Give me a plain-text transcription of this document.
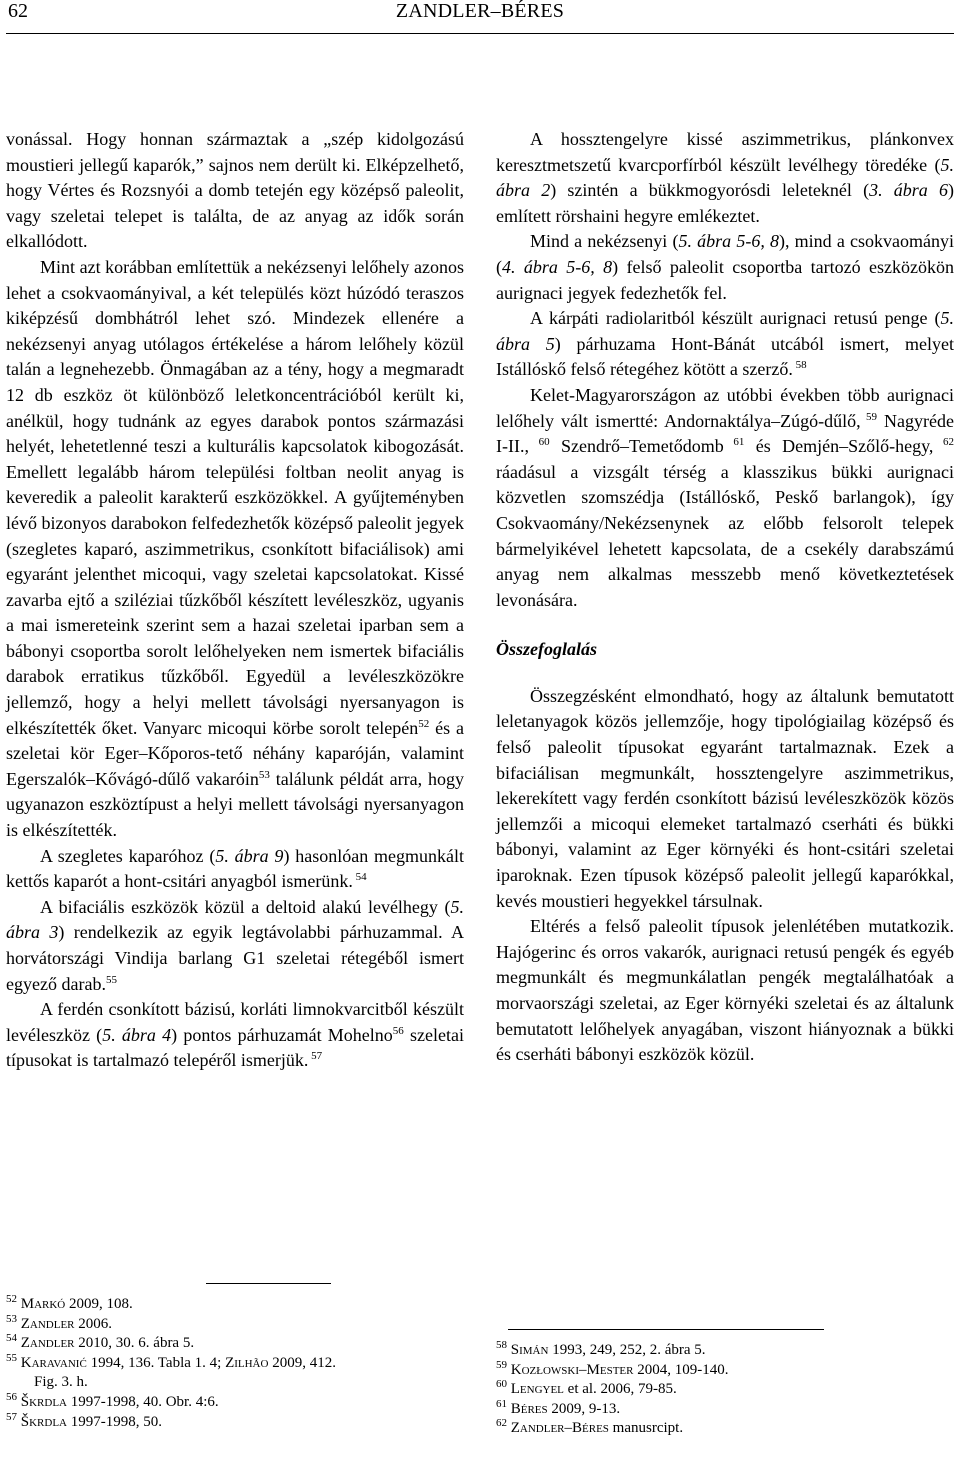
62	ZANDLER–BÉRES

vonással. Hogy honnan származtak a „szép kidolgozású moustieri jellegű kaparók,” sajnos nem derült ki. Elképzelhető, hogy Vértes és Rozsnyói a domb tetején egy középső paleolit, vagy szeletai telepet is találta, de az anyag az idők során elkallódott.

Mint azt korábban említettük a nekézsenyi lelőhely azonos lehet a csokvaományival, a két település közt húzódó teraszos kiképzésű dombhátról lehet szó. Mindezek ellenére a nekézsenyi anyag utólagos értékelése a három lelőhely közül talán a legnehezebb. Önmagában az a tény, hogy a megmaradt 12 db eszköz öt különböző leletkoncentrációból került ki, anélkül, hogy tudnánk az egyes darabok pontos származási helyét, lehetetlenné teszi a kulturális kapcsolatok kibogozását. Emellett legalább három települési foltban neolit anyag is keveredik a paleolit karakterű eszközökkel. A gyűjteményben lévő bizonyos darabokon felfedezhetők középső paleolit jegyek (szegletes kaparó, aszimmetrikus, csonkított bifaciálisok) ami egyaránt jelenthet micoqui, vagy szeletai kapcsolatokat. Kissé zavarba ejtő a sziléziai tűzkőből készített levéleszköz, ugyanis a mai ismereteink szerint sem a hazai szeletai iparban sem a bábonyi csoportba sorolt lelőhelyeken nem ismertek bifaciális darabok erratikus tűzkőből. Egyedül a levéleszközökre jellemző, hogy a helyi mellett távolsági nyersanyagon is elkészítették őket. Vanyarc micoqui körbe sorolt telepén$^{52}$ és a szeletai kör Eger–Kőporos-tető néhány kaparóján, valamint Egerszalók–Kővágó-dűlő vakaróin$^{53}$ találunk példát arra, hogy ugyanazon eszköztípust a helyi mellett távolsági nyersanyagon is elkészítették.

A szegletes kaparóhoz (5. ábra 9) hasonlóan megmunkált kettős kaparót a hont-csitári anyagból ismerünk. $^{54}$

A bifaciális eszközök közül a deltoid alakú levélhegy (5. ábra 3) rendelkezik az egyik legtávolabbi párhuzammal. A horvátországi Vindija barlang G1 szeletai rétegéből ismert egyező darab.$^{55}$

A ferdén csonkított bázisú, korláti limnokvarcitből készült levéleszköz (5. ábra 4) pontos párhuzamát Mohelno$^{56}$ szeletai típusokat is tartalmazó telepéről ismerjük. $^{57}$

$^{52}$ Markó 2009, 108.

$^{53}$ Zandler 2006.

$^{54}$ Zandler 2010, 30. 6. ábra 5.

$^{55}$ Karavanić 1994, 136. Tabla 1. 4; Zilhão 2009, 412.

Fig. 3. h.

$^{56}$ Škrdla 1997-1998, 40. Obr. 4:6.

$^{57}$ Škrdla 1997-1998, 50.

A hossztengelyre kissé aszimmetrikus, plánkonvex keresztmetszetű kvarcporfírból készült levélhegy töredéke (5. ábra 2) szintén a bükkmogyorósdi leleteknél (3. ábra 6) említett rörshaini hegyre emlékeztet.

Mind a nekézsenyi (5. ábra 5-6, 8), mind a csokvaományi (4. ábra 5-6, 8) felső paleolit csoportba tartozó eszközökön aurignaci jegyek fedezhetők fel.

A kárpáti radiolaritból készült aurignaci retusú penge (5. ábra 5) párhuzama Hont-Bánát utcából ismert, melyet Istállóskő felső rétegéhez kötött a szerző. $^{58}$

Kelet-Magyarországon az utóbbi években több aurignaci lelőhely vált ismertté: Andornaktálya–Zúgó-dűlő, $^{59}$ Nagyréde I-II., $^{60}$ Szendrő–Temetődomb $^{61}$ és Demjén–Szőlő-hegy, $^{62}$ ráadásul a vizsgált térség a klasszikus bükki aurignaci közvetlen szomszédja (Istállóskő, Peskő barlangok), így Csokvaomány/Nekézsenynek az előbb felsorolt telepek bármelyikével lehetett kapcsolata, de a csekély darabszámú anyag nem alkalmas messzebb menő következtetések levonására.

Összefoglalás

Összegzésként elmondható, hogy az általunk bemutatott leletanyagok közös jellemzője, hogy tipológiailag középső és felső paleolit típusokat egyaránt tartalmaznak. Ezek a bifaciálisan megmunkált, hossztengelyre aszimmetrikus, lekerekített vagy ferdén csonkított bázisú levéleszközök közös jellemzői a micoqui elemeket tartalmazó cserháti és bükki bábonyi, valamint az Eger környéki és hont-csitári szeletai iparoknak. Ezen típusok középső paleolit jellegű kaparókkal, kevés moustieri hegyekkel társulnak.

Eltérés a felső paleolit típusok jelenlétében mutatkozik. Hajógerinc és orros vakarók, aurignaci retusú pengék és egyéb megmunkált és megmunkálatlan pengék megtalálhatóak a morvaországi szeletai, az Eger környéki szeletai és az általunk bemutatott lelőhelyek anyagában, viszont hiányoznak a bükki és cserháti bábonyi eszközök közül.

$^{58}$ Simán 1993, 249, 252, 2. ábra 5.

$^{59}$ Kozłowski–Mester 2004, 109-140.

$^{60}$ Lengyel et al. 2006, 79-85.

$^{61}$ Béres 2009, 9-13.

$^{62}$ Zandler–Béres manusrcipt.
